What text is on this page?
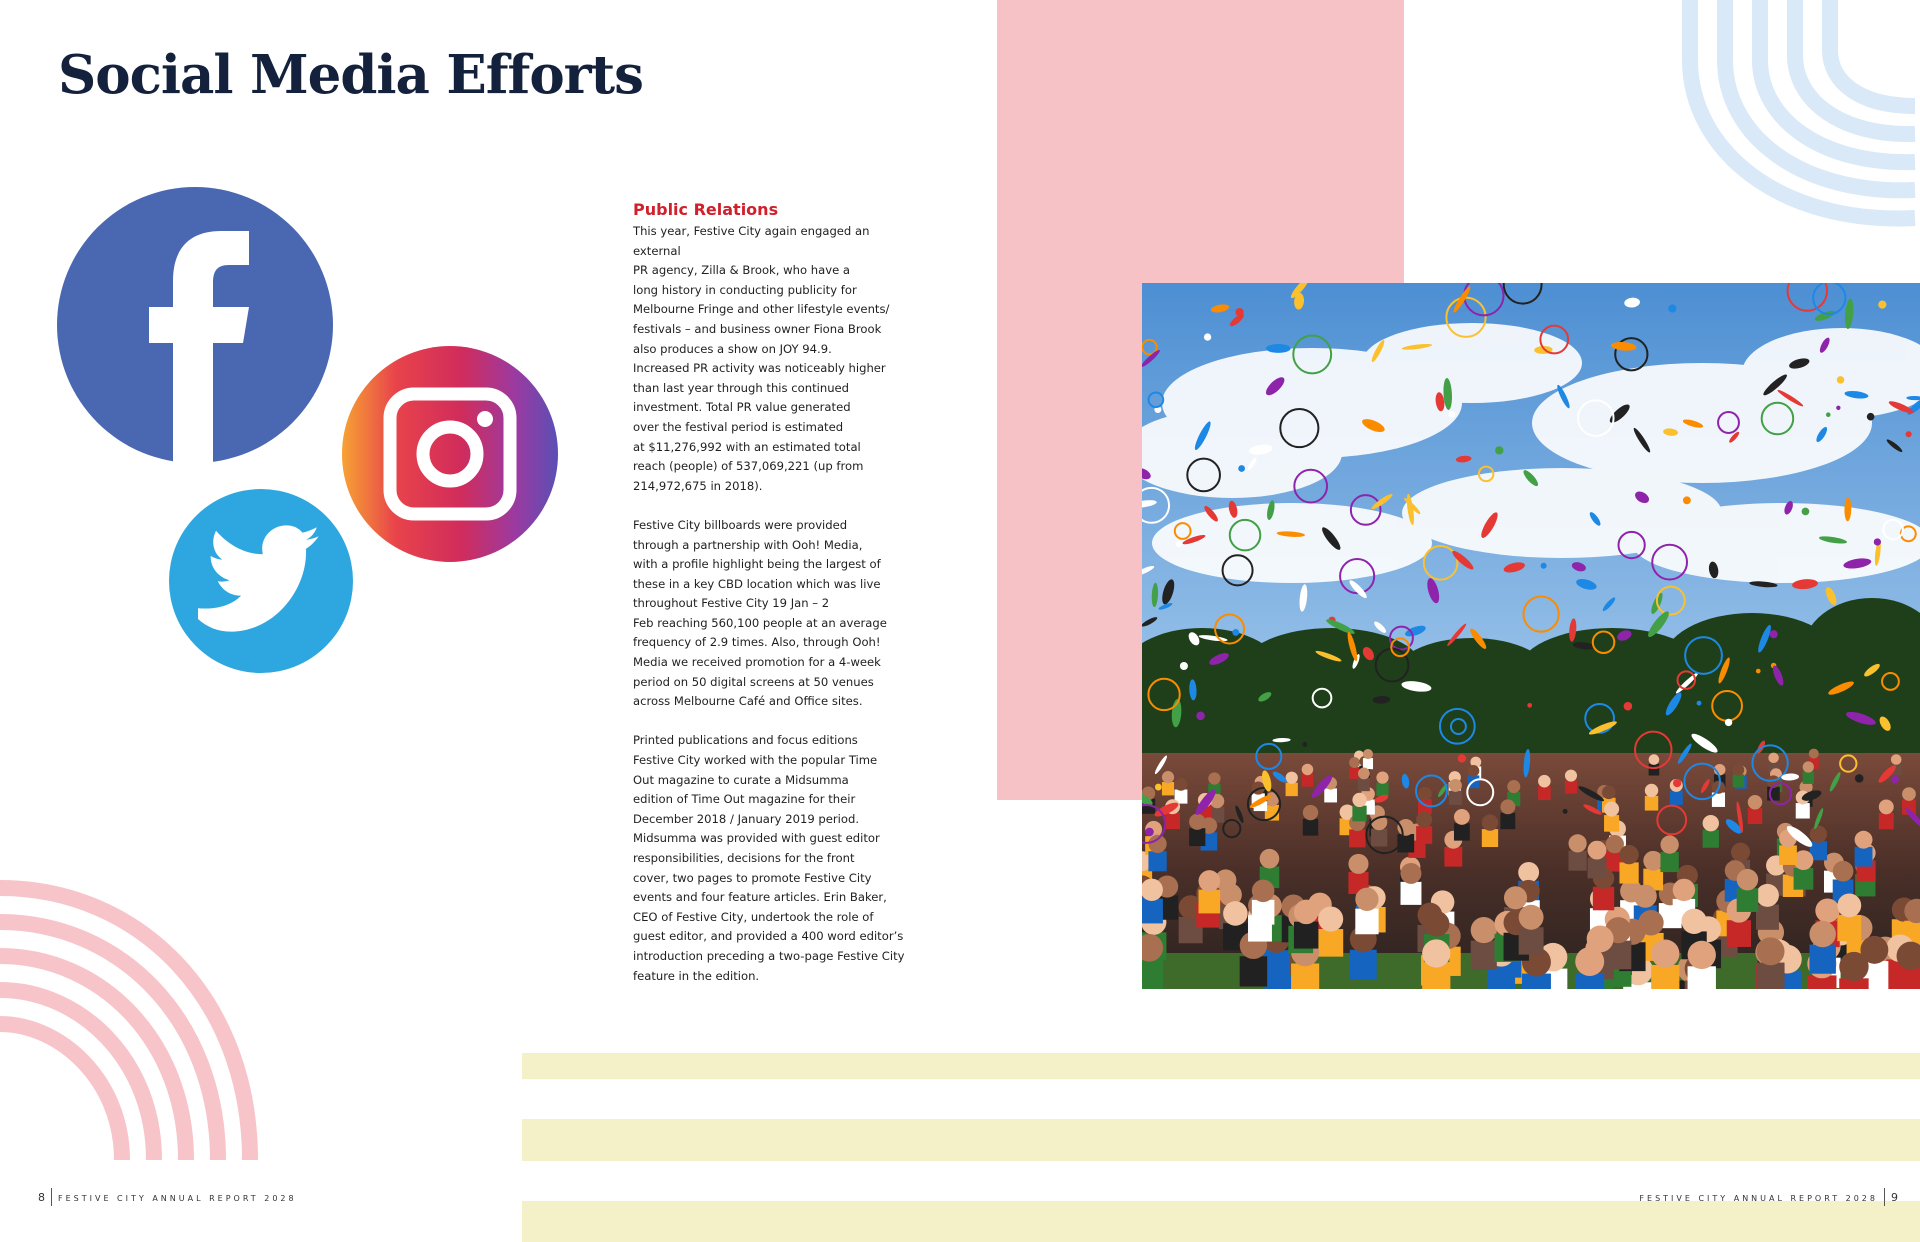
Social Media Efforts
Public Relations

This year, Festive City again engaged an external
PR agency, Zilla & Brook, who have a
long history in conducting publicity for
Melbourne Fringe and other lifestyle events/
festivals – and business owner Fiona Brook
also produces a show on JOY 94.9.
Increased PR activity was noticeably higher
than last year through this continued
investment. Total PR value generated
over the festival period is estimated
at $11,276,992 with an estimated total
reach (people) of 537,069,221 (up from
214,972,675 in 2018).

Festive City billboards were provided
through a partnership with Ooh! Media,
with a profile highlight being the largest of
these in a key CBD location which was live
throughout Festive City 19 Jan – 2
Feb reaching 560,100 people at an average
frequency of 2.9 times. Also, through Ooh!
Media we received promotion for a 4-week
period on 50 digital screens at 50 venues
across Melbourne Café and Office sites.

Printed publications and focus editions
Festive City worked with the popular Time
Out magazine to curate a Midsumma
edition of Time Out magazine for their
December 2018 / January 2019 period.
Midsumma was provided with guest editor
responsibilities, decisions for the front
cover, two pages to promote Festive City
events and four feature articles. Erin Baker,
CEO of Festive City, undertook the role of
guest editor, and provided a 400 word editor’s
introduction preceding a two-page Festive City
feature in the edition.

8 FESTIVE CITY ANNUAL REPORT 2028	FESTIVE CITY ANNUAL REPORT 2028 9
